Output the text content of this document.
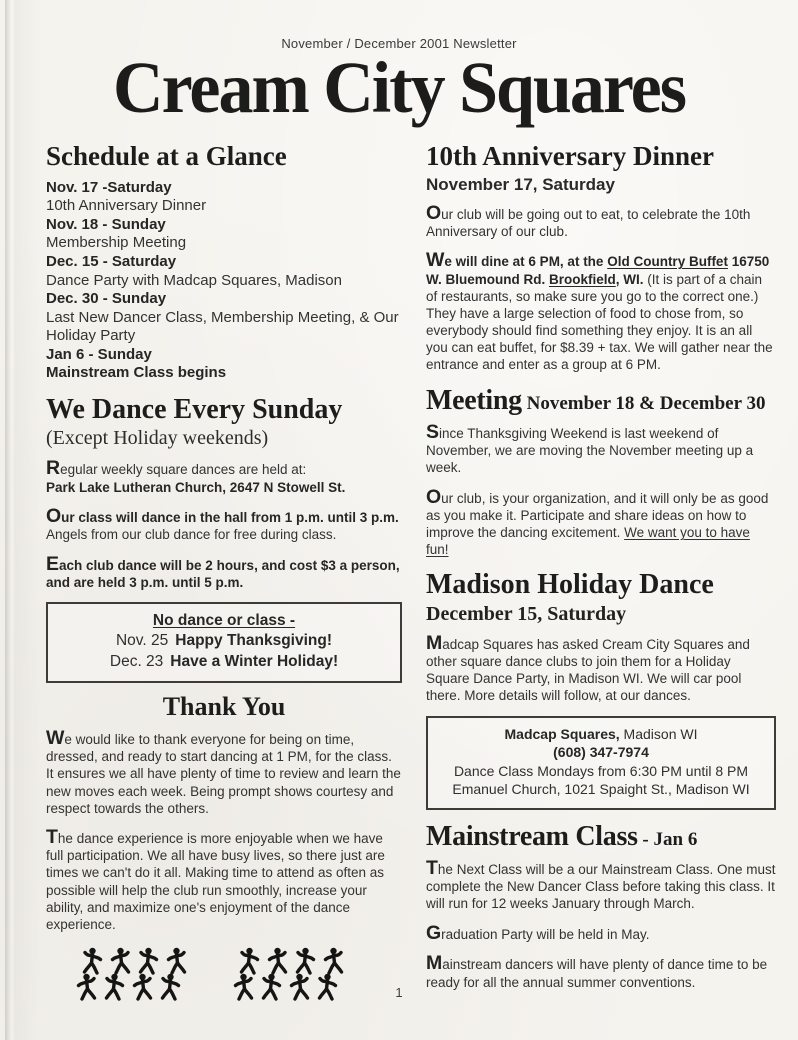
November / December 2001 Newsletter
Cream City Squares
Schedule at a Glance
Nov. 17 -Saturday
10th Anniversary Dinner
Nov. 18 - Sunday
Membership Meeting
Dec. 15 - Saturday
Dance Party with Madcap Squares, Madison
Dec. 30 - Sunday
Last New Dancer Class, Membership Meeting, & Our Holiday Party
Jan 6 - Sunday
Mainstream Class begins
We Dance Every Sunday
(Except Holiday weekends)

Regular weekly square dances are held at:
Park Lake Lutheran Church, 2647 N Stowell St.

Our class will dance in the hall from 1 p.m. until 3 p.m. Angels from our club dance for free during class.

Each club dance will be 2 hours, and cost $3 a person, and are held 3 p.m. until 5 p.m.

No dance or class -
Nov. 25 Happy Thanksgiving!
Dec. 23 Have a Winter Holiday!
Thank You

We would like to thank everyone for being on time, dressed, and ready to start dancing at 1 PM, for the class. It ensures we all have plenty of time to review and learn the new moves each week. Being prompt shows courtesy and respect towards the others.

The dance experience is more enjoyable when we have full participation. We all have busy lives, so there just are times we can't do it all. Making time to attend as often as possible will help the club run smoothly, increase your ability, and maximize one's enjoyment of the dance experience.

10th Anniversary Dinner
November 17, Saturday

Our club will be going out to eat, to celebrate the 10th Anniversary of our club.

We will dine at 6 PM, at the Old Country Buffet 16750 W. Bluemound Rd. Brookfield, WI. (It is part of a chain of restaurants, so make sure you go to the correct one.) They have a large selection of food to chose from, so everybody should find something they enjoy. It is an all you can eat buffet, for $8.39 + tax. We will gather near the entrance and enter as a group at 6 PM.

Meeting November 18 & December 30

Since Thanksgiving Weekend is last weekend of November, we are moving the November meeting up a week.

Our club, is your organization, and it will only be as good as you make it. Participate and share ideas on how to improve the dancing excitement. We want you to have fun!

Madison Holiday Dance
December 15, Saturday

Madcap Squares has asked Cream City Squares and other square dance clubs to join them for a Holiday Square Dance Party, in Madison WI. We will car pool there. More details will follow, at our dances.

Madcap Squares, Madison WI
(608) 347-7974
Dance Class Mondays from 6:30 PM until 8 PM
Emanuel Church, 1021 Spaight St., Madison WI
Mainstream Class - Jan 6

The Next Class will be a our Mainstream Class. One must complete the New Dancer Class before taking this class. It will run for 12 weeks January through March.

Graduation Party will be held in May.

Mainstream dancers will have plenty of dance time to be ready for all the annual summer conventions.

1
